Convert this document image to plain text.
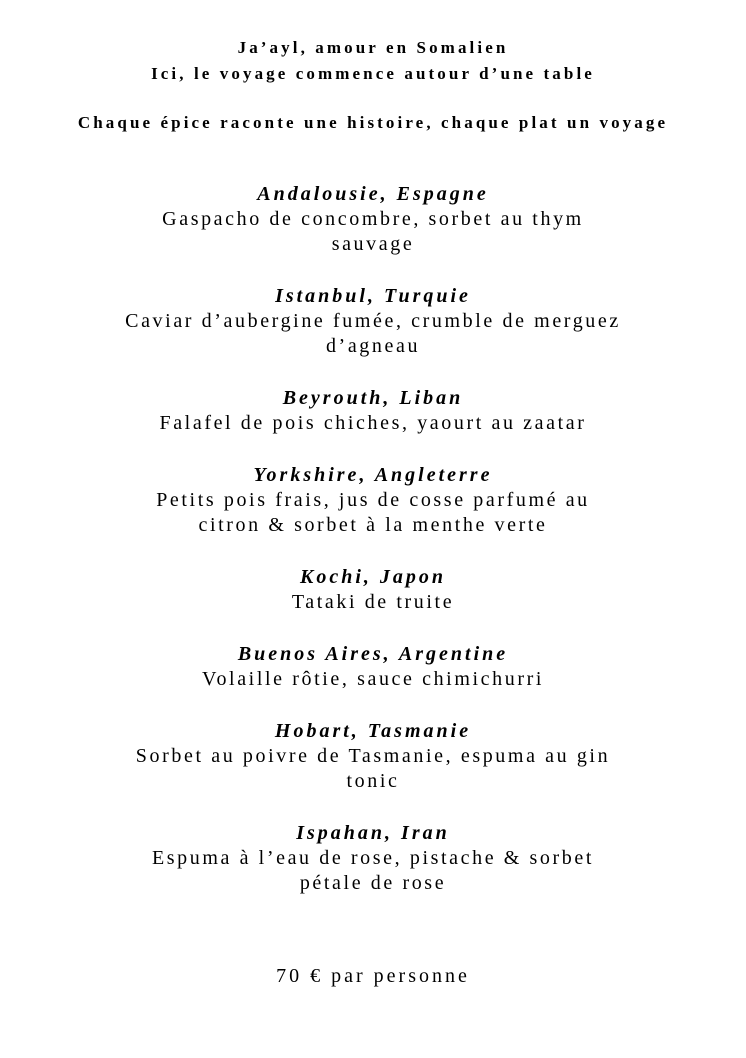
Ja’ayl, amour en Somalien
Ici, le voyage commence autour d’une table
Chaque épice raconte une histoire, chaque plat un voyage
Andalousie, Espagne
Gaspacho de concombre, sorbet au thym sauvage
Istanbul, Turquie
Caviar d’aubergine fumée, crumble de merguez d’agneau
Beyrouth, Liban
Falafel de pois chiches, yaourt au zaatar
Yorkshire, Angleterre
Petits pois frais, jus de cosse parfumé au citron & sorbet à la menthe verte
Kochi, Japon
Tataki de truite
Buenos Aires, Argentine
Volaille rôtie, sauce chimichurri
Hobart, Tasmanie
Sorbet au poivre de Tasmanie, espuma au gin tonic
Ispahan, Iran
Espuma à l’eau de rose, pistache & sorbet pétale de rose
70 € par personne
